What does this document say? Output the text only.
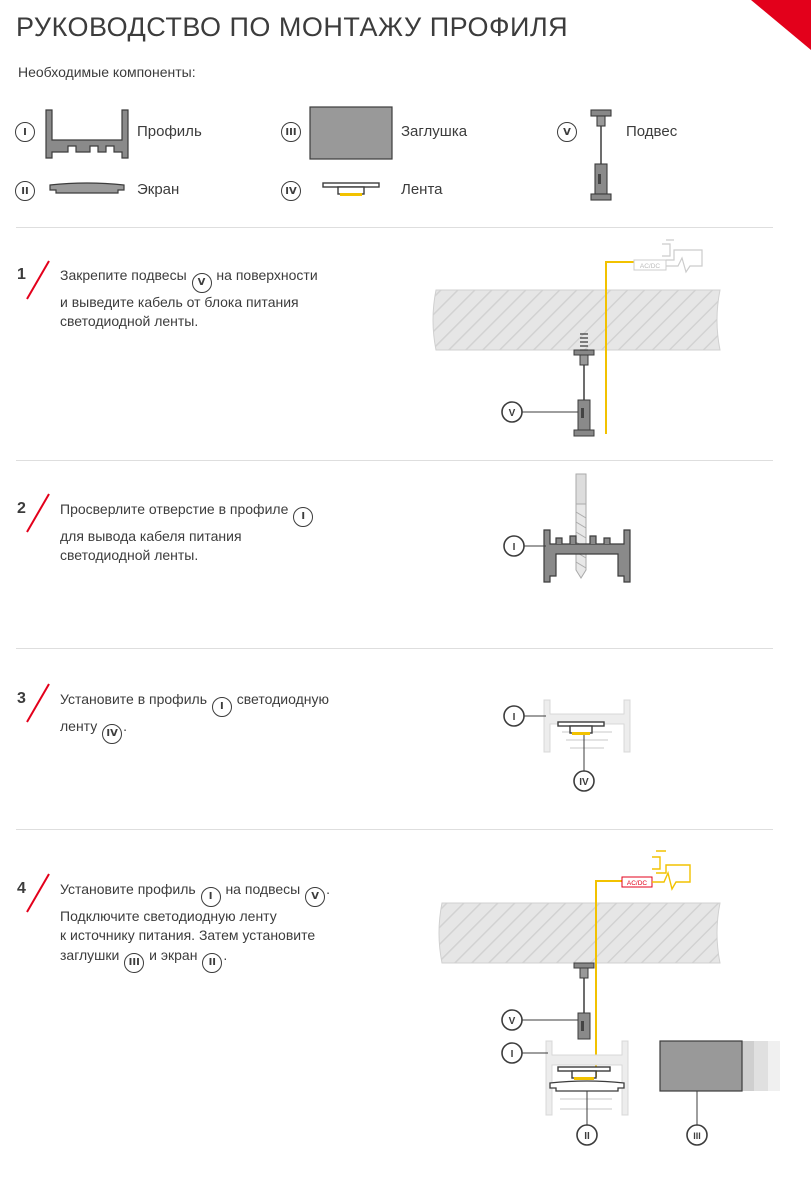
РУКОВОДСТВО ПО МОНТАЖУ ПРОФИЛЯ
Необходимые компоненты:
I	Профиль
II	Экран
III	Заглушка
IV	Лента
V	Подвес
1 Закрепите подвесы V на поверхности
и выведите кабель от блока питания
светодиодной ленты.
AC/DC
V
2 Просверлите отверстие в профиле I
для вывода кабеля питания
светодиодной ленты.	I
3 Установите в профиль I светодиодную
ленту IV .
I
IV
4 Установите профиль I на подвесы V .
Подключите светодиодную ленту
к источнику питания. Затем установите
заглушки III и экран II .
AC/DC
V
I
II	III
